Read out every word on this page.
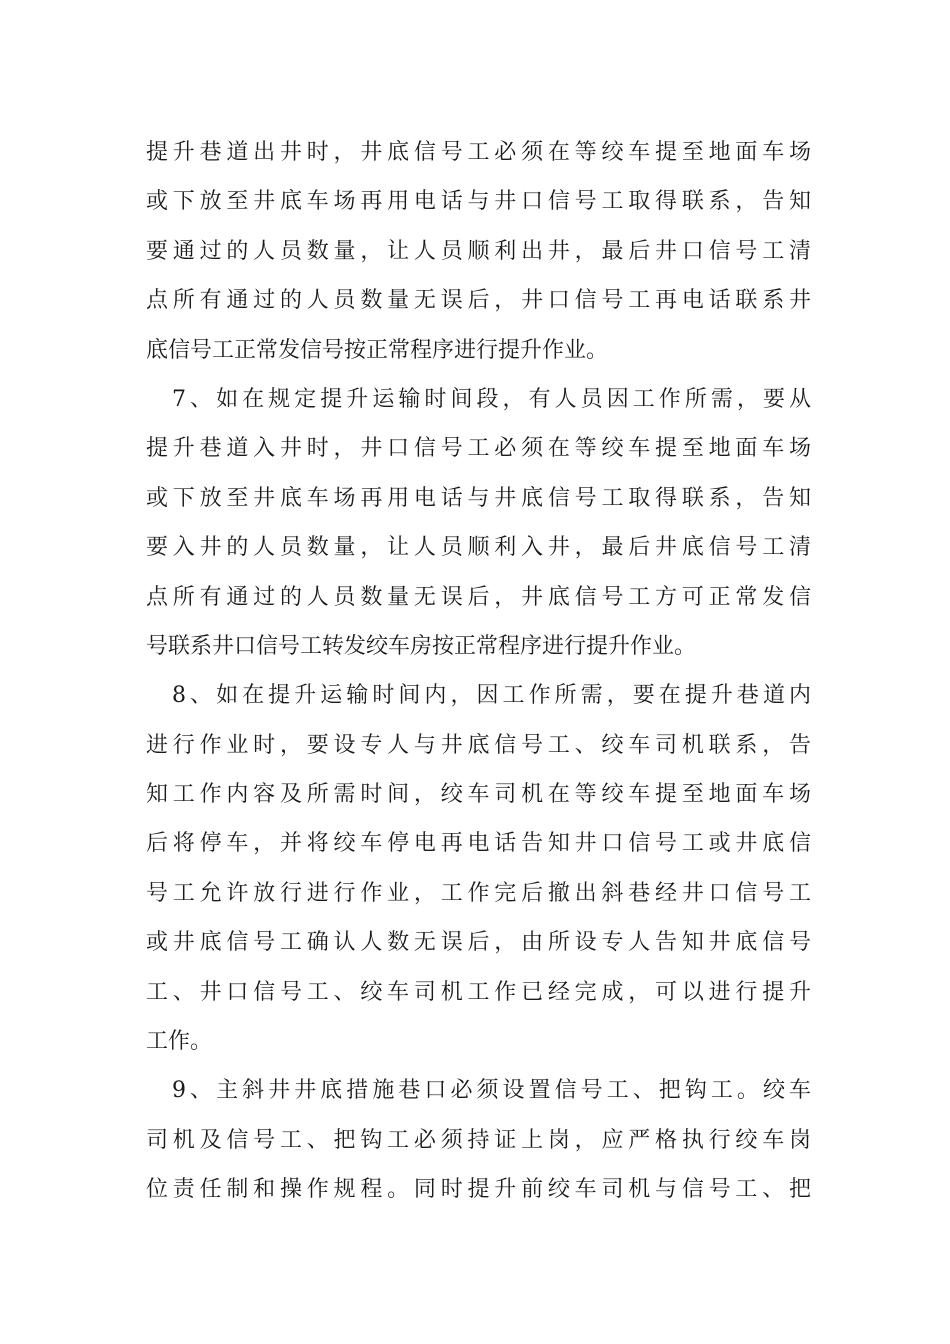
提升巷道出井时，井底信号工必须在等绞车提至地面车场
或下放至井底车场再用电话与井口信号工取得联系，告知
要通过的人员数量，让人员顺利出井，最后井口信号工清
点所有通过的人员数量无误后，井口信号工再电话联系井
底信号工正常发信号按正常程序进行提升作业。
7、如在规定提升运输时间段，有人员因工作所需，要从
提升巷道入井时，井口信号工必须在等绞车提至地面车场
或下放至井底车场再用电话与井底信号工取得联系，告知
要入井的人员数量，让人员顺利入井，最后井底信号工清
点所有通过的人员数量无误后，井底信号工方可正常发信
号联系井口信号工转发绞车房按正常程序进行提升作业。
8、如在提升运输时间内，因工作所需，要在提升巷道内
进行作业时，要设专人与井底信号工、绞车司机联系，告
知工作内容及所需时间，绞车司机在等绞车提至地面车场
后将停车，并将绞车停电再电话告知井口信号工或井底信
号工允许放行进行作业，工作完后撤出斜巷经井口信号工
或井底信号工确认人数无误后，由所设专人告知井底信号
工、井口信号工、绞车司机工作已经完成，可以进行提升
工作。
9、主斜井井底措施巷口必须设置信号工、把钩工。绞车
司机及信号工、把钩工必须持证上岗，应严格执行绞车岗
位责任制和操作规程。同时提升前绞车司机与信号工、把
